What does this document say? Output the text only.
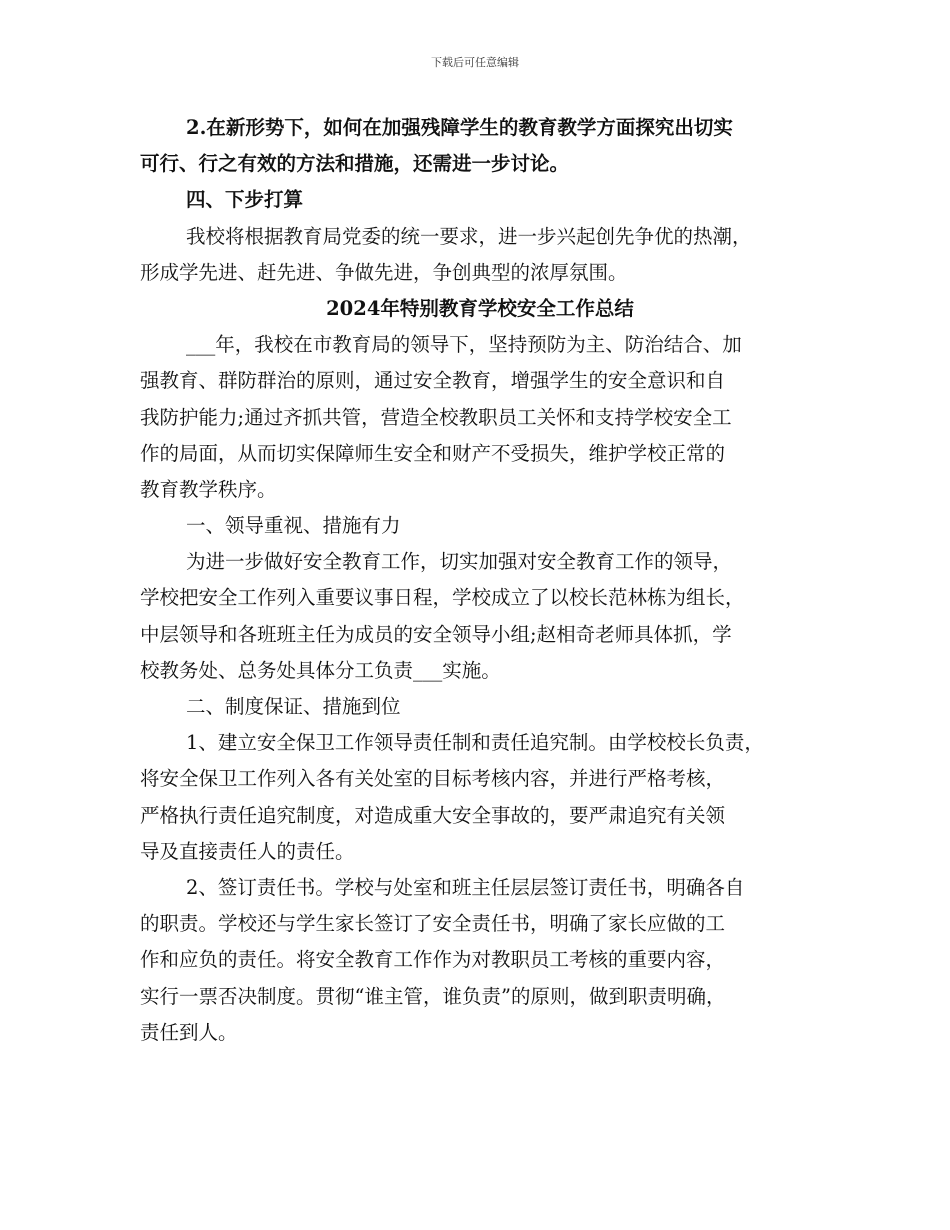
下载后可任意编辑
2.在新形势下，如何在加强残障学生的教育教学方面探究出切实
可行、行之有效的方法和措施，还需进一步讨论。
四、下步打算
我校将根据教育局党委的统一要求，进一步兴起创先争优的热潮，
形成学先进、赶先进、争做先进，争创典型的浓厚氛围。
2024年特别教育学校安全工作总结
___年，我校在市教育局的领导下，坚持预防为主、防治结合、加
强教育、群防群治的原则，通过安全教育，增强学生的安全意识和自
我防护能力;通过齐抓共管，营造全校教职员工关怀和支持学校安全工
作的局面，从而切实保障师生安全和财产不受损失，维护学校正常的
教育教学秩序。
一、领导重视、措施有力
为进一步做好安全教育工作，切实加强对安全教育工作的领导，
学校把安全工作列入重要议事日程，学校成立了以校长范林栋为组长，
中层领导和各班班主任为成员的安全领导小组;赵相奇老师具体抓，学
校教务处、总务处具体分工负责___实施。
二、制度保证、措施到位
1、建立安全保卫工作领导责任制和责任追究制。由学校校长负责，
将安全保卫工作列入各有关处室的目标考核内容，并进行严格考核，
严格执行责任追究制度，对造成重大安全事故的，要严肃追究有关领
导及直接责任人的责任。
2、签订责任书。学校与处室和班主任层层签订责任书，明确各自
的职责。学校还与学生家长签订了安全责任书，明确了家长应做的工
作和应负的责任。将安全教育工作作为对教职员工考核的重要内容，
实行一票否决制度。贯彻“谁主管，谁负责”的原则，做到职责明确，
责任到人。
